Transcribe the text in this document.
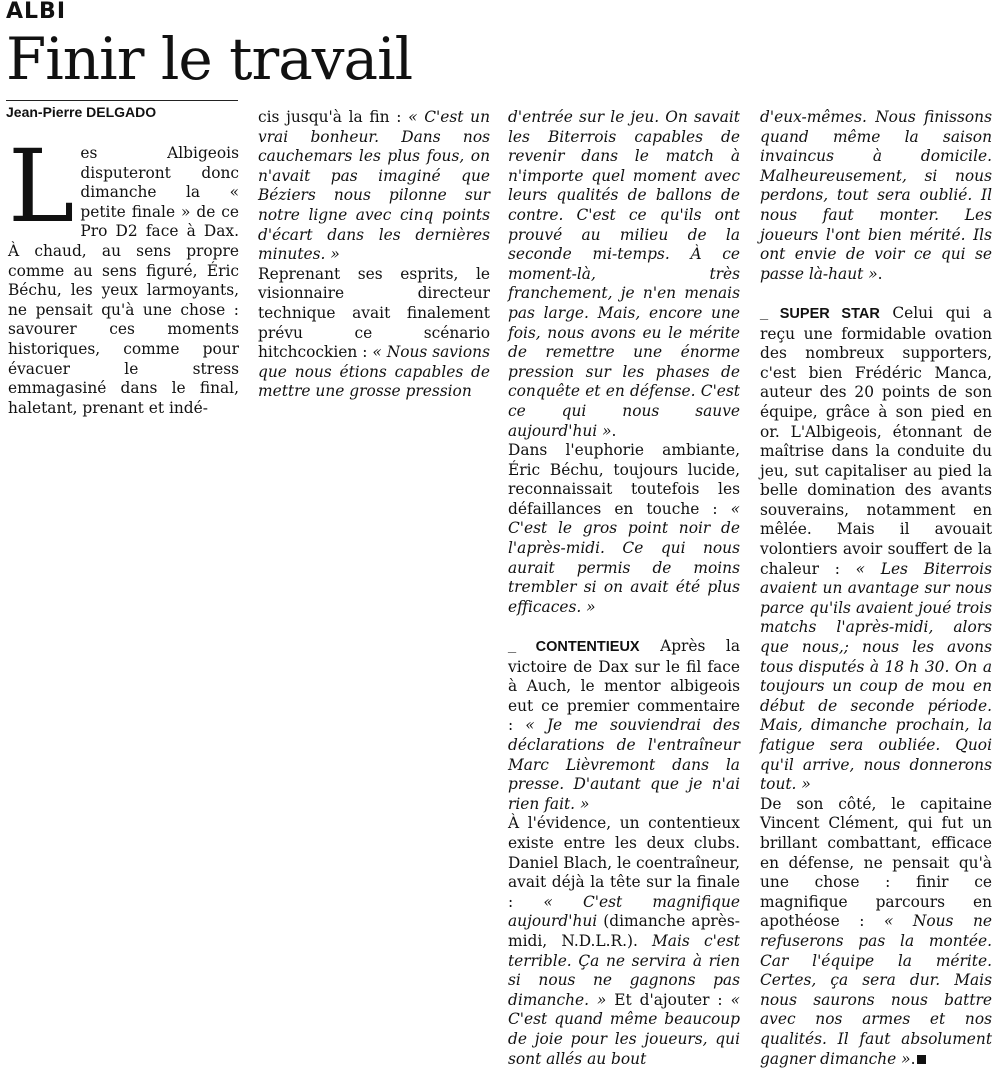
ALBI
Finir le travail
Jean-Pierre DELGADO

Les Albigeois disputeront donc dimanche la « petite finale » de ce Pro D2 face à Dax. À chaud, au sens propre comme au sens figuré, Éric Béchu, les yeux larmoyants, ne pensait qu'à une chose : savourer ces moments historiques, comme pour évacuer le stress emmagasiné dans le final, haletant, prenant et indé-

cis jusqu'à la fin : « C'est un vrai bonheur. Dans nos cauchemars les plus fous, on n'avait pas imaginé que Béziers nous pilonne sur notre ligne avec cinq points d'écart dans les dernières minutes. »

Reprenant ses esprits, le visionnaire directeur technique avait finalement prévu ce scénario hitchcockien : « Nous savions que nous étions capables de mettre une grosse pression

d'entrée sur le jeu. On savait les Biterrois capables de revenir dans le match à n'importe quel moment avec leurs qualités de ballons de contre. C'est ce qu'ils ont prouvé au milieu de la seconde mi-temps. À ce moment-là, très franchement, je n'en menais pas large. Mais, encore une fois, nous avons eu le mérite de remettre une énorme pression sur les phases de conquête et en défense. C'est ce qui nous sauve aujourd'hui ».

Dans l'euphorie ambiante, Éric Béchu, toujours lucide, reconnaissait toutefois les défaillances en touche : « C'est le gros point noir de l'après-midi. Ce qui nous aurait permis de moins trembler si on avait été plus efficaces. »

_ CONTENTIEUX Après la victoire de Dax sur le fil face à Auch, le mentor albigeois eut ce premier commentaire : « Je me souviendrai des déclarations de l'entraîneur Marc Lièvremont dans la presse. D'autant que je n'ai rien fait. »

À l'évidence, un contentieux existe entre les deux clubs. Daniel Blach, le coentraîneur, avait déjà la tête sur la finale : « C'est magnifique aujourd'hui (dimanche après-midi, N.D.L.R.). Mais c'est terrible. Ça ne servira à rien si nous ne gagnons pas dimanche. » Et d'ajouter : « C'est quand même beaucoup de joie pour les joueurs, qui sont allés au bout

d'eux-mêmes. Nous finissons quand même la saison invaincus à domicile. Malheureusement, si nous perdons, tout sera oublié. Il nous faut monter. Les joueurs l'ont bien mérité. Ils ont envie de voir ce qui se passe là-haut ».

_ SUPER STAR Celui qui a reçu une formidable ovation des nombreux supporters, c'est bien Frédéric Manca, auteur des 20 points de son équipe, grâce à son pied en or. L'Albigeois, étonnant de maîtrise dans la conduite du jeu, sut capitaliser au pied la belle domination des avants souverains, notamment en mêlée. Mais il avouait volontiers avoir souffert de la chaleur : « Les Biterrois avaient un avantage sur nous parce qu'ils avaient joué trois matchs l'après-midi, alors que nous,; nous les avons tous disputés à 18 h 30. On a toujours un coup de mou en début de seconde période. Mais, dimanche prochain, la fatigue sera oubliée. Quoi qu'il arrive, nous donnerons tout. »

De son côté, le capitaine Vincent Clément, qui fut un brillant combattant, efficace en défense, ne pensait qu'à une chose : finir ce magnifique parcours en apothéose : « Nous ne refuserons pas la montée. Car l'équipe la mérite. Certes, ça sera dur. Mais nous saurons nous battre avec nos armes et nos qualités. Il faut absolument gagner dimanche ».
